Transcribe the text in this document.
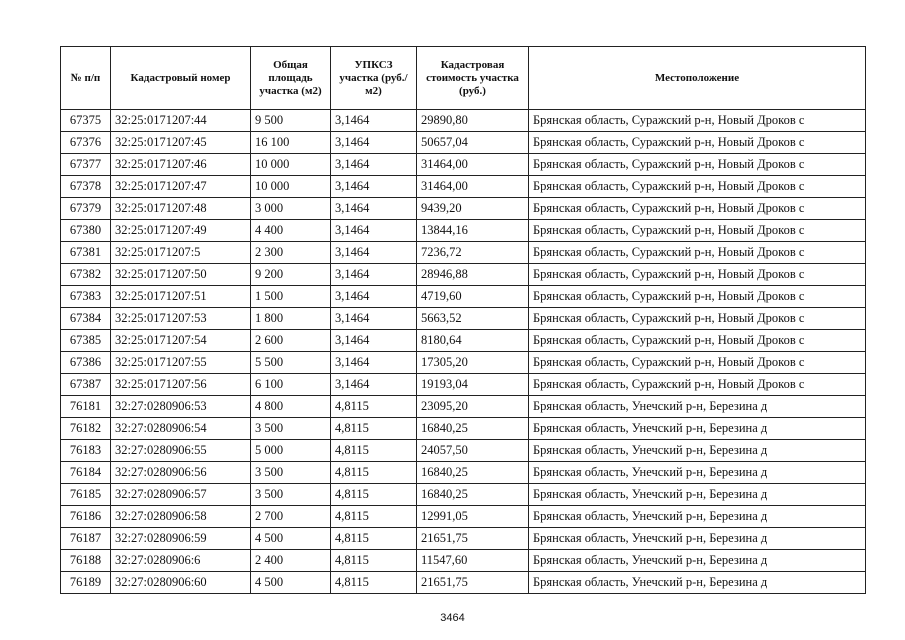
№ п/п	Кадастровый номер	Общая площадь участка (м2)	УПКСЗ участка (руб./м2)	Кадастровая стоимость участка (руб.)	Местоположение
67375	32:25:0171207:44	9 500	3,1464	29890,80	Брянская область, Суражский р-н, Новый Дроков с
67376	32:25:0171207:45	16 100	3,1464	50657,04	Брянская область, Суражский р-н, Новый Дроков с
67377	32:25:0171207:46	10 000	3,1464	31464,00	Брянская область, Суражский р-н, Новый Дроков с
67378	32:25:0171207:47	10 000	3,1464	31464,00	Брянская область, Суражский р-н, Новый Дроков с
67379	32:25:0171207:48	3 000	3,1464	9439,20	Брянская область, Суражский р-н, Новый Дроков с
67380	32:25:0171207:49	4 400	3,1464	13844,16	Брянская область, Суражский р-н, Новый Дроков с
67381	32:25:0171207:5	2 300	3,1464	7236,72	Брянская область, Суражский р-н, Новый Дроков с
67382	32:25:0171207:50	9 200	3,1464	28946,88	Брянская область, Суражский р-н, Новый Дроков с
67383	32:25:0171207:51	1 500	3,1464	4719,60	Брянская область, Суражский р-н, Новый Дроков с
67384	32:25:0171207:53	1 800	3,1464	5663,52	Брянская область, Суражский р-н, Новый Дроков с
67385	32:25:0171207:54	2 600	3,1464	8180,64	Брянская область, Суражский р-н, Новый Дроков с
67386	32:25:0171207:55	5 500	3,1464	17305,20	Брянская область, Суражский р-н, Новый Дроков с
67387	32:25:0171207:56	6 100	3,1464	19193,04	Брянская область, Суражский р-н, Новый Дроков с
76181	32:27:0280906:53	4 800	4,8115	23095,20	Брянская область, Унечский р-н, Березина д
76182	32:27:0280906:54	3 500	4,8115	16840,25	Брянская область, Унечский р-н, Березина д
76183	32:27:0280906:55	5 000	4,8115	24057,50	Брянская область, Унечский р-н, Березина д
76184	32:27:0280906:56	3 500	4,8115	16840,25	Брянская область, Унечский р-н, Березина д
76185	32:27:0280906:57	3 500	4,8115	16840,25	Брянская область, Унечский р-н, Березина д
76186	32:27:0280906:58	2 700	4,8115	12991,05	Брянская область, Унечский р-н, Березина д
76187	32:27:0280906:59	4 500	4,8115	21651,75	Брянская область, Унечский р-н, Березина д
76188	32:27:0280906:6	2 400	4,8115	11547,60	Брянская область, Унечский р-н, Березина д
76189	32:27:0280906:60	4 500	4,8115	21651,75	Брянская область, Унечский р-н, Березина д
3464
